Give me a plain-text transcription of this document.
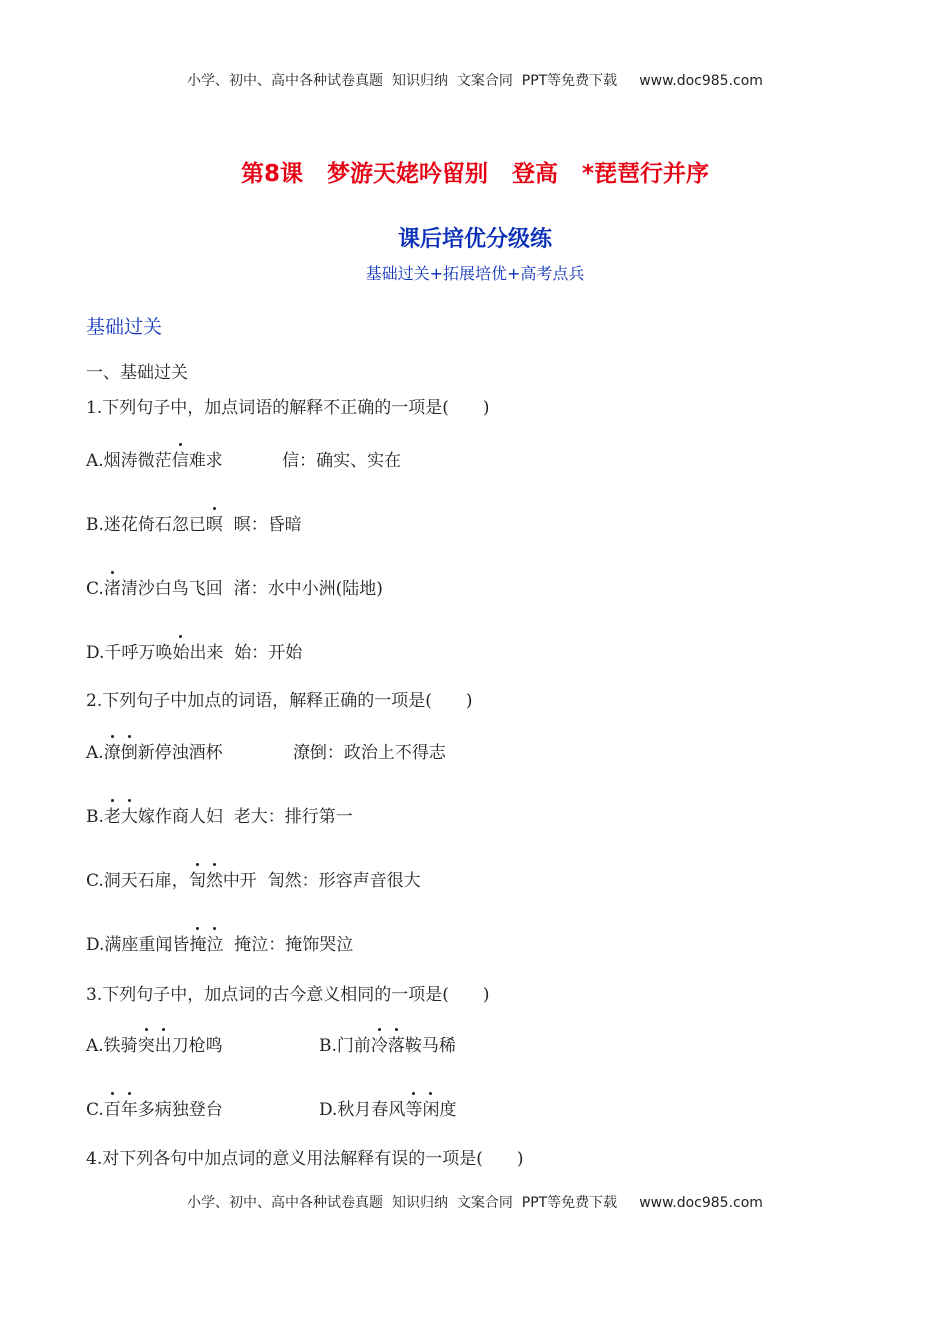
小学、初中、高中各种试卷真题  知识归纳  文案合同  PPT等免费下载 www.doc985.com
第8课   梦游天姥吟留别   登高   *琵琶行并序
课后培优分级练
基础过关+拓展培优+高考点兵
基础过关
一、基础过关
1.下列句子中，加点词语的解释不正确的一项是(　　)
A.烟涛微茫信难求	信：确实、实在
B.迷花倚石忽已暝 暝：昏暗
C.渚清沙白鸟飞回 渚：水中小洲(陆地)
D.千呼万唤始出来 始：开始
2.下列句子中加点的词语，解释正确的一项是(　　)
A.潦倒新停浊酒杯	潦倒：政治上不得志
B.老大嫁作商人妇 老大：排行第一
C.洞天石扉，訇然中开 訇然：形容声音很大
D.满座重闻皆掩泣 掩泣：掩饰哭泣
3.下列句子中，加点词的古今意义相同的一项是(　　)
A.铁骑突出刀枪鸣	B.门前冷落鞍马稀
C.百年多病独登台	D.秋月春风等闲度
4.对下列各句中加点词的意义用法解释有误的一项是(　　)
小学、初中、高中各种试卷真题  知识归纳  文案合同  PPT等免费下载 www.doc985.com
